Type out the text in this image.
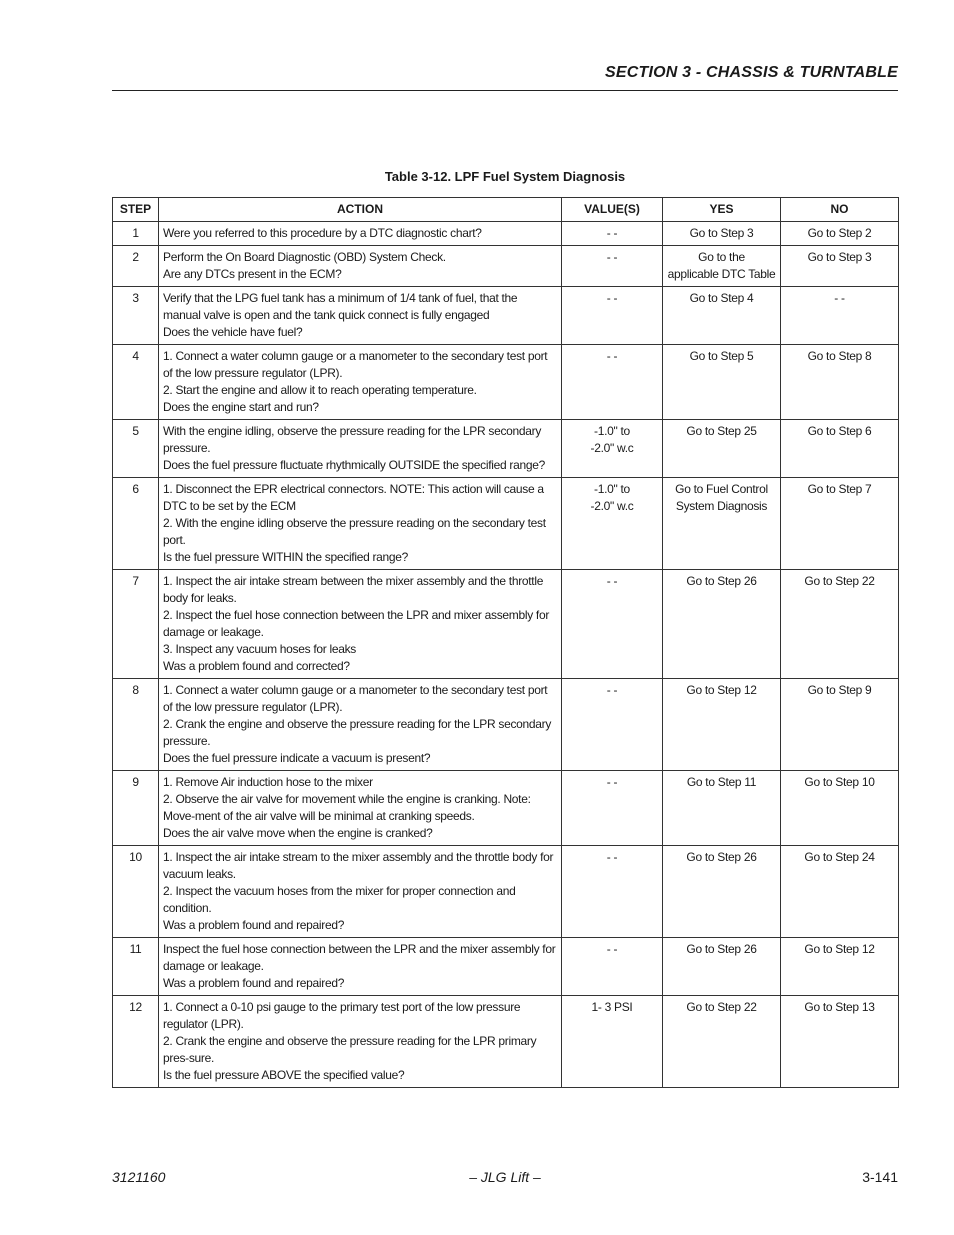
SECTION 3 - CHASSIS & TURNTABLE
Table 3-12. LPF Fuel System Diagnosis
STEP	ACTION	VALUE(S)	YES	NO
1	Were you referred to this procedure by a DTC diagnostic chart?	- -	Go to Step 3	Go to Step 2
2	Perform the On Board Diagnostic (OBD) System Check.
Are any DTCs present in the ECM?	- -	Go to the
applicable DTC Table	Go to Step 3
3	Verify that the LPG fuel tank has a minimum of 1/4 tank of fuel, that the manual valve is open and the tank quick connect is fully engaged
Does the vehicle have fuel?	- -	Go to Step 4	- -
4	1. Connect a water column gauge or a manometer to the secondary test port of the low pressure regulator (LPR).
2. Start the engine and allow it to reach operating temperature.
Does the engine start and run?	- -	Go to Step 5	Go to Step 8
5	With the engine idling, observe the pressure reading for the LPR secondary pressure.
Does the fuel pressure fluctuate rhythmically OUTSIDE the specified range?	-1.0" to
-2.0" w.c	Go to Step 25	Go to Step 6
6	1. Disconnect the EPR electrical connectors. NOTE: This action will cause a DTC to be set by the ECM
2. With the engine idling observe the pressure reading on the secondary test port.
Is the fuel pressure WITHIN the specified range?	-1.0" to
-2.0" w.c	Go to Fuel Control
System Diagnosis	Go to Step 7
7	1. Inspect the air intake stream between the mixer assembly and the throttle body for leaks.
2. Inspect the fuel hose connection between the LPR and mixer assembly for damage or leakage.
3. Inspect any vacuum hoses for leaks
Was a problem found and corrected?	- -	Go to Step 26	Go to Step 22
8	1. Connect a water column gauge or a manometer to the secondary test port of the low pressure regulator (LPR).
2. Crank the engine and observe the pressure reading for the LPR secondary pressure.
Does the fuel pressure indicate a vacuum is present?	- -	Go to Step 12	Go to Step 9
9	1. Remove Air induction hose to the mixer
2. Observe the air valve for movement while the engine is cranking. Note: Move-ment of the air valve will be minimal at cranking speeds.
Does the air valve move when the engine is cranked?	- -	Go to Step 11	Go to Step 10
10	1. Inspect the air intake stream to the mixer assembly and the throttle body for vacuum leaks.
2. Inspect the vacuum hoses from the mixer for proper connection and condition.
Was a problem found and repaired?	- -	Go to Step 26	Go to Step 24
11	Inspect the fuel hose connection between the LPR and the mixer assembly for damage or leakage.
Was a problem found and repaired?	- -	Go to Step 26	Go to Step 12
12	1. Connect a 0-10 psi gauge to the primary test port of the low pressure regulator (LPR).
2. Crank the engine and observe the pressure reading for the LPR primary pres-sure.
Is the fuel pressure ABOVE the specified value?	1- 3 PSI	Go to Step 22	Go to Step 13
3121160	– JLG Lift –	3-141
